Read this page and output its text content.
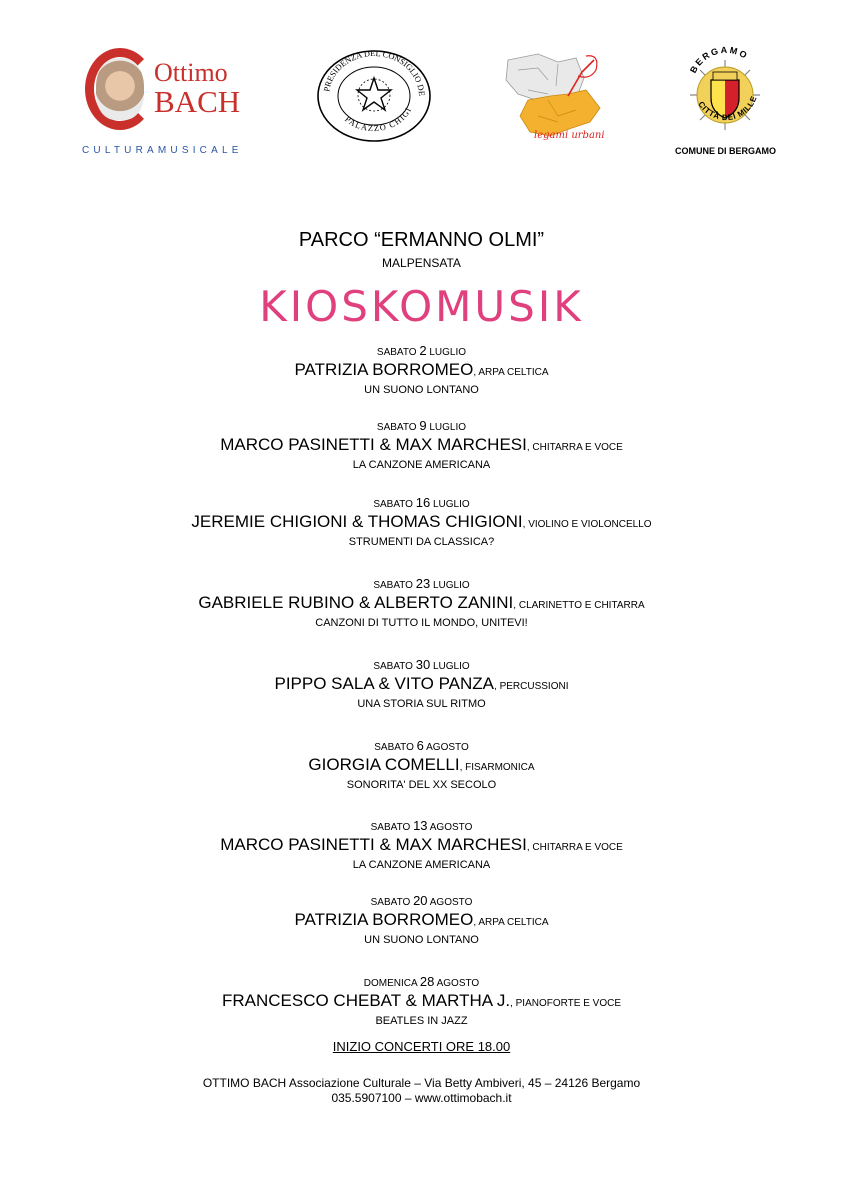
Ottimo
BACH
CULTURAMUSICALE
PRESIDENZA DEL CONSIGLIO DE
PALAZZO CHIGI
legami urbani
BERGAMO
CITTÀ DEI MILLE
COMUNE DI BERGAMO
PARCO “ERMANNO OLMI”
MALPENSATA
KIOSKOMUSIK
SABATO 2 LUGLIO
PATRIZIA BORROMEO, ARPA CELTICA
UN SUONO LONTANO
SABATO 9 LUGLIO
MARCO PASINETTI & MAX MARCHESI, CHITARRA E VOCE
LA CANZONE AMERICANA
SABATO 16 LUGLIO
JEREMIE CHIGIONI & THOMAS CHIGIONI, VIOLINO E VIOLONCELLO
STRUMENTI DA CLASSICA?
SABATO 23 LUGLIO
GABRIELE RUBINO & ALBERTO ZANINI, CLARINETTO E CHITARRA
CANZONI DI TUTTO IL MONDO, UNITEVI!
SABATO 30 LUGLIO
PIPPO SALA & VITO PANZA, PERCUSSIONI
UNA STORIA SUL RITMO
SABATO 6 AGOSTO
GIORGIA COMELLI, FISARMONICA
SONORITA' DEL XX SECOLO
SABATO 13 AGOSTO
MARCO PASINETTI & MAX MARCHESI, CHITARRA E VOCE
LA CANZONE AMERICANA
SABATO 20 AGOSTO
PATRIZIA BORROMEO, ARPA CELTICA
UN SUONO LONTANO
DOMENICA 28 AGOSTO
FRANCESCO CHEBAT & MARTHA J., PIANOFORTE E VOCE
BEATLES IN JAZZ
INIZIO CONCERTI ORE 18.00
OTTIMO BACH Associazione Culturale – Via Betty Ambiveri, 45 – 24126 Bergamo
035.5907100 – www.ottimobach.it
